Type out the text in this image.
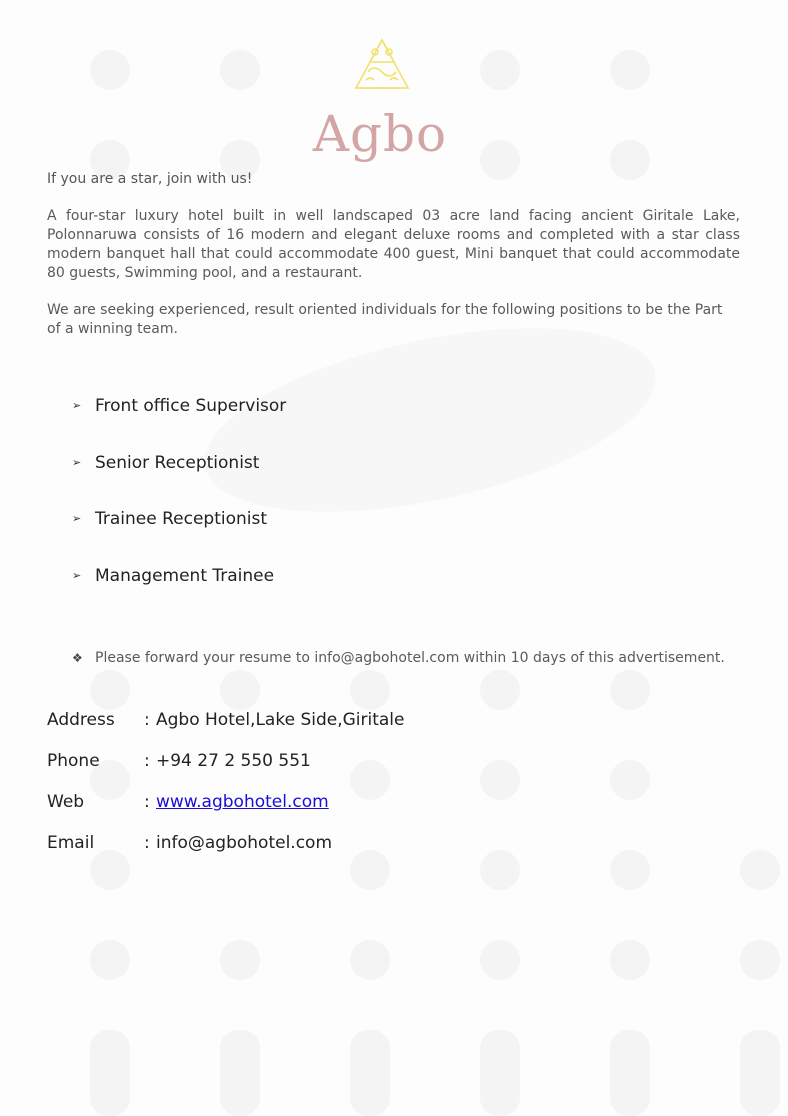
Agbo
If you are a star, join with us!
A four-star luxury hotel built in well landscaped 03 acre land facing ancient Giritale Lake, Polonnaruwa consists of 16 modern and elegant deluxe rooms and completed with a star class modern banquet hall that could accommodate 400 guest, Mini banquet that could accommodate 80 guests, Swimming pool, and a restaurant.
We are seeking experienced, result oriented individuals for the following positions to be the Part of a winning team.
➢ Front office Supervisor
➢ Senior Receptionist
➢ Trainee Receptionist
➢ Management Trainee
❖ Please forward your resume to info@agbohotel.com within 10 days of this advertisement.
Address	: Agbo Hotel,Lake Side,Giritale
Phone	: +94 27 2 550 551
Web	: www.agbohotel.com
Email	: info@agbohotel.com
